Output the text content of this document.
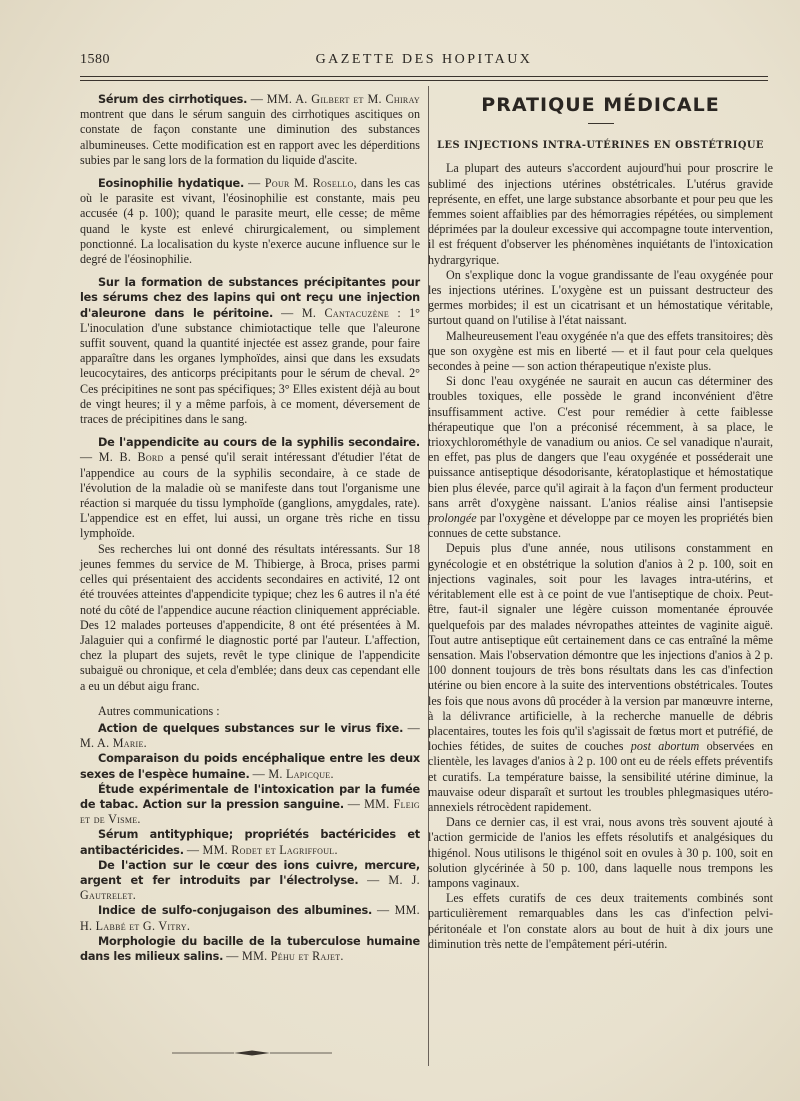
1580	GAZETTE DES HOPITAUX

Sérum des cirrhotiques. — MM. A. Gilbert et M. Chiray montrent que dans le sérum sanguin des cirrhotiques ascitiques on constate de façon constante une diminution des substances albumineuses. Cette modification est en rapport avec les déperditions subies par le sang lors de la formation du liquide d'ascite.

Eosinophilie hydatique. — Pour M. Rosello, dans les cas où le parasite est vivant, l'éosinophilie est constante, mais peu accusée (4 p. 100); quand le parasite meurt, elle cesse; de même quand le kyste est enlevé chirurgicalement, ou simplement ponctionné. La localisation du kyste n'exerce aucune influence sur le degré de l'éosinophilie.

Sur la formation de substances précipitantes pour les sérums chez des lapins qui ont reçu une injection d'aleurone dans le péritoine. — M. Cantacuzène : 1° L'inoculation d'une substance chimiotactique telle que l'aleurone suffit souvent, quand la quantité injectée est assez grande, pour faire apparaître dans les organes lymphoïdes, ainsi que dans les exsudats leucocytaires, des anticorps précipitants pour le sérum de cheval. 2° Ces précipitines ne sont pas spécifiques; 3° Elles existent déjà au bout de vingt heures; il y a même parfois, à ce moment, déversement de traces de précipitines dans le sang.

De l'appendicite au cours de la syphilis secondaire. — M. B. Bord a pensé qu'il serait intéressant d'étudier l'état de l'appendice au cours de la syphilis secondaire, à ce stade de l'évolution de la maladie où se manifeste dans tout l'organisme une réaction si marquée du tissu lymphoïde (ganglions, amygdales, rate). L'appendice est en effet, lui aussi, un organe très riche en tissu lymphoïde.

Ses recherches lui ont donné des résultats intéressants. Sur 18 jeunes femmes du service de M. Thibierge, à Broca, prises parmi celles qui présentaient des accidents secondaires en activité, 12 ont été trouvées atteintes d'appendicite typique; chez les 6 autres il n'a été noté du côté de l'appendice aucune réaction cliniquement appréciable. Des 12 malades porteuses d'appendicite, 8 ont été présentées à M. Jalaguier qui a confirmé le diagnostic porté par l'auteur. L'affection, chez la plupart des sujets, revêt le type clinique de l'appendicite subaiguë ou chronique, et cela d'emblée; dans deux cas cependant elle a eu un début aigu franc.

Autres communications :

Action de quelques substances sur le virus fixe. — M. A. Marie.

Comparaison du poids encéphalique entre les deux sexes de l'espèce humaine. — M. Lapicque.

Étude expérimentale de l'intoxication par la fumée de tabac. Action sur la pression sanguine. — MM. Fleig et de Visme.

Sérum antityphique; propriétés bactéricides et antibactéricides. — MM. Rodet et Lagriffoul.

De l'action sur le cœur des ions cuivre, mercure, argent et fer introduits par l'électrolyse. — M. J. Gautrelet.

Indice de sulfo-conjugaison des albumines. — MM. H. Labbé et G. Vitry.

Morphologie du bacille de la tuberculose humaine dans les milieux salins. — MM. Péhu et Rajet.

PRATIQUE MÉDICALE
LES INJECTIONS INTRA-UTÉRINES EN OBSTÉTRIQUE

La plupart des auteurs s'accordent aujourd'hui pour proscrire le sublimé des injections utérines obstétricales. L'utérus gravide représente, en effet, une large substance absorbante et pour peu que les femmes soient affaiblies par des hémorragies répétées, ou simplement déprimées par la douleur excessive qui accompagne toute intervention, il est fréquent d'observer les phénomènes inquiétants de l'intoxication hydrargyrique.

On s'explique donc la vogue grandissante de l'eau oxygénée pour les injections utérines. L'oxygène est un puissant destructeur des germes morbides; il est un cicatrisant et un hémostatique véritable, surtout quand on l'utilise à l'état naissant.

Malheureusement l'eau oxygénée n'a que des effets transitoires; dès que son oxygène est mis en liberté — et il faut pour cela quelques secondes à peine — son action thérapeutique n'existe plus.

Si donc l'eau oxygénée ne saurait en aucun cas déterminer des troubles toxiques, elle possède le grand inconvénient d'être insuffisamment active. C'est pour remédier à cette faiblesse thérapeutique que l'on a préconisé récemment, à sa place, le trioxychlorométhyle de vanadium ou anios. Ce sel vanadique n'aurait, en effet, pas plus de dangers que l'eau oxygénée et posséderait une puissance antiseptique désodorisante, kératoplastique et hémostatique bien plus élevée, parce qu'il agirait à la façon d'un ferment producteur sans arrêt d'oxygène naissant. L'anios réalise ainsi l'antisepsie prolongée par l'oxygène et développe par ce moyen les propriétés bien connues de cette substance.

Depuis plus d'une année, nous utilisons constamment en gynécologie et en obstétrique la solution d'anios à 2 p. 100, soit en injections vaginales, soit pour les lavages intra-utérins, et véritablement elle est à ce point de vue l'antiseptique de choix. Peut-être, faut-il signaler une légère cuisson momentanée éprouvée quelquefois par des malades névropathes atteintes de vaginite aiguë. Tout autre antiseptique eût certainement dans ce cas entraîné la même sensation. Mais l'observation démontre que les injections d'anios à 2 p. 100 donnent toujours de très bons résultats dans les cas d'infection utérine ou bien encore à la suite des interventions obstétricales. Toutes les fois que nous avons dû procéder à la version par manœuvre interne, à la délivrance artificielle, à la recherche manuelle de débris placentaires, toutes les fois qu'il s'agissait de fœtus mort et putréfié, de lochies fétides, de suites de couches post abortum observées en clientèle, les lavages d'anios à 2 p. 100 ont eu de réels effets préventifs et curatifs. La température baisse, la sensibilité utérine diminue, la mauvaise odeur disparaît et surtout les troubles phlegmasiques utéro-annexiels rétrocèdent rapidement.

Dans ce dernier cas, il est vrai, nous avons très souvent ajouté à l'action germicide de l'anios les effets résolutifs et analgésiques du thigénol. Nous utilisons le thigénol soit en ovules à 30 p. 100, soit en solution glycérinée à 50 p. 100, dans laquelle nous trempons les tampons vaginaux.

Les effets curatifs de ces deux traitements combinés sont particulièrement remarquables dans les cas d'infection pelvi-péritonéale et l'on constate alors au bout de huit à dix jours une diminution très nette de l'empâtement péri-utérin.
